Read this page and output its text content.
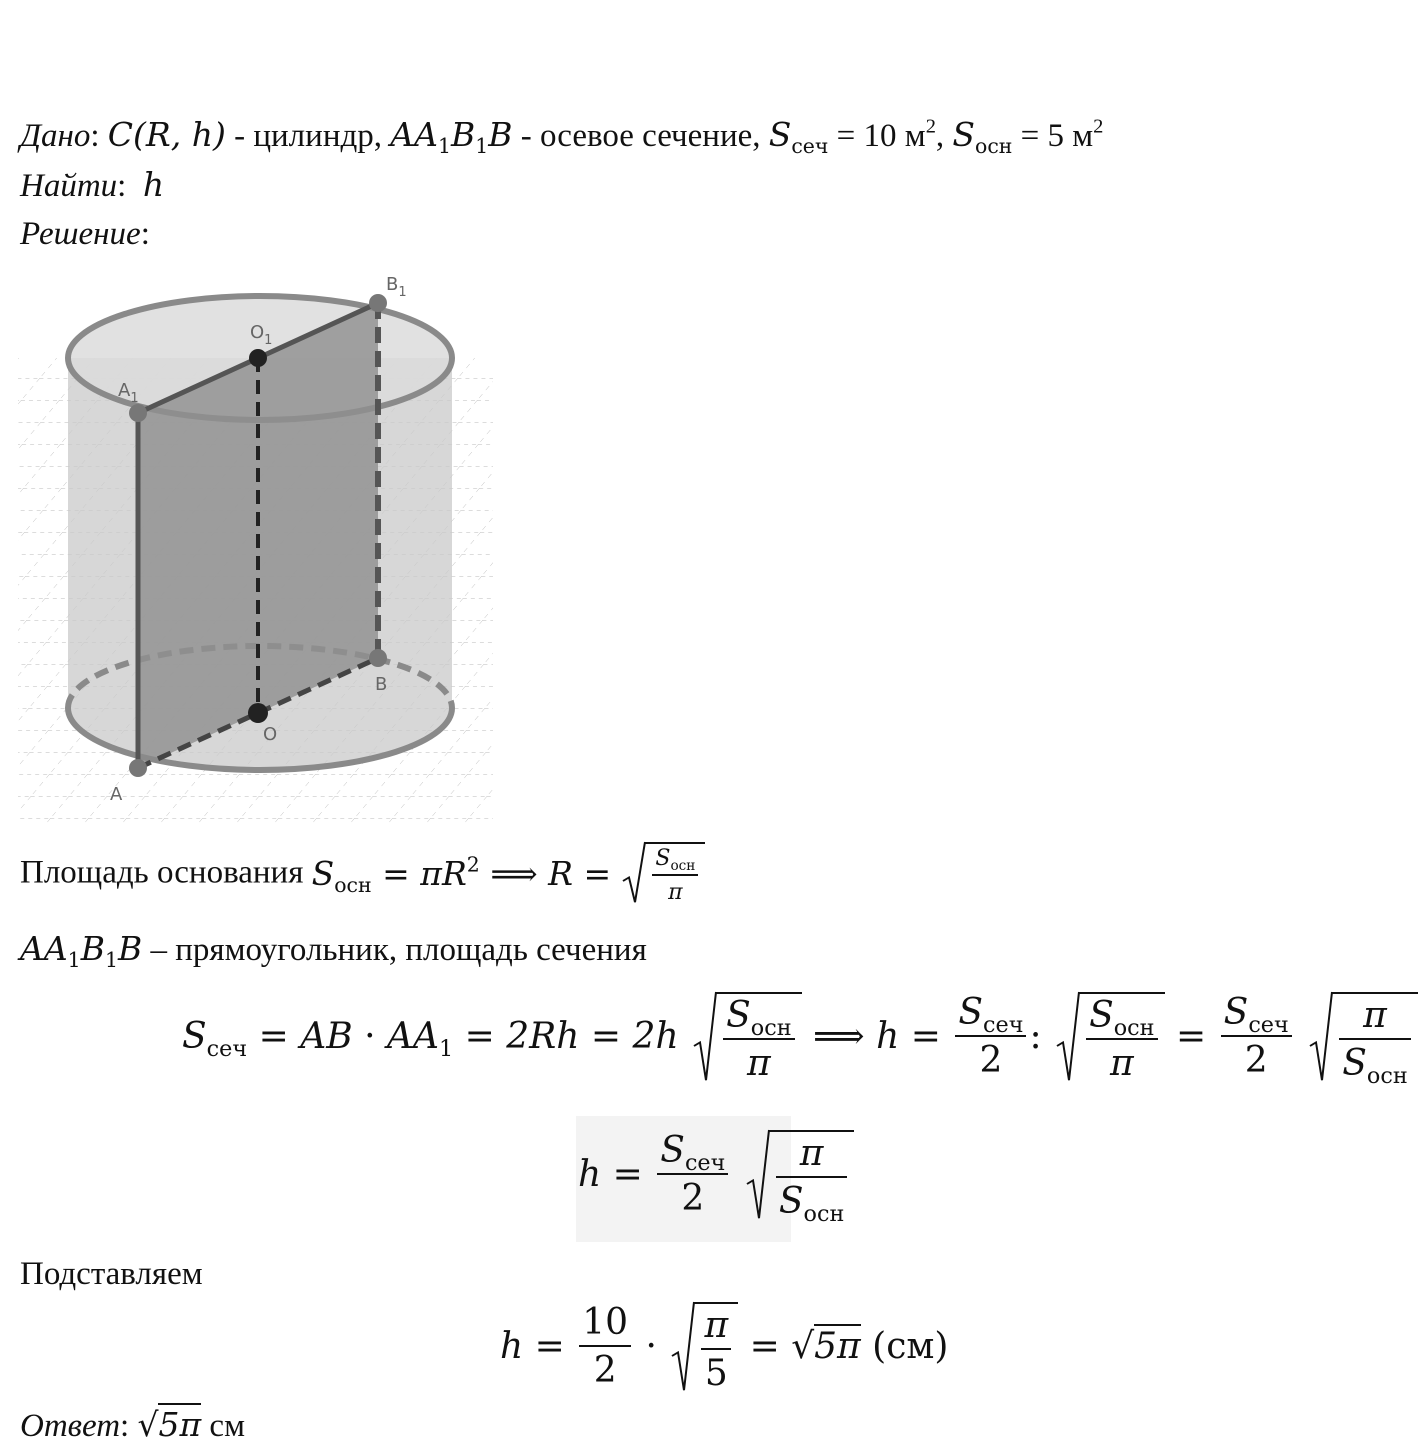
Дано: C(R, h) - цилиндр, $AA_1B_1B$ - осевое сечение, $S_{сеч} = 10$ $м^2$, $S_{осн} = 5$ $м^2$
Найти:  h
Решение:
$B_1$
$O_1$
$A_1$
B
O
A
Площадь основания $S_{осн} = \pi R^2$ ⟹ $R = \frac{S_{осн}}{\pi}$
$AA_1B_1B$ – прямоугольник, площадь сечения
$S_{сеч}$ = AB · $AA_1 = 2Rh = 2h \frac{S_{осн}}{\pi}$ ⟹ $h = \frac{S_{сеч}}{2}$ : $\frac{S_{осн}}{\pi} = \frac{S_{сеч}}{2}$
$\frac{\pi}{S_{осн}}$
$h = \frac{S_{сеч}}{2}$
$\frac{\pi}{S_{осн}}$
Подставляем
$h = \frac{10}{2} \cdot \frac{\pi}{5} = √5\pi$ (см)
Ответ: √5π см
